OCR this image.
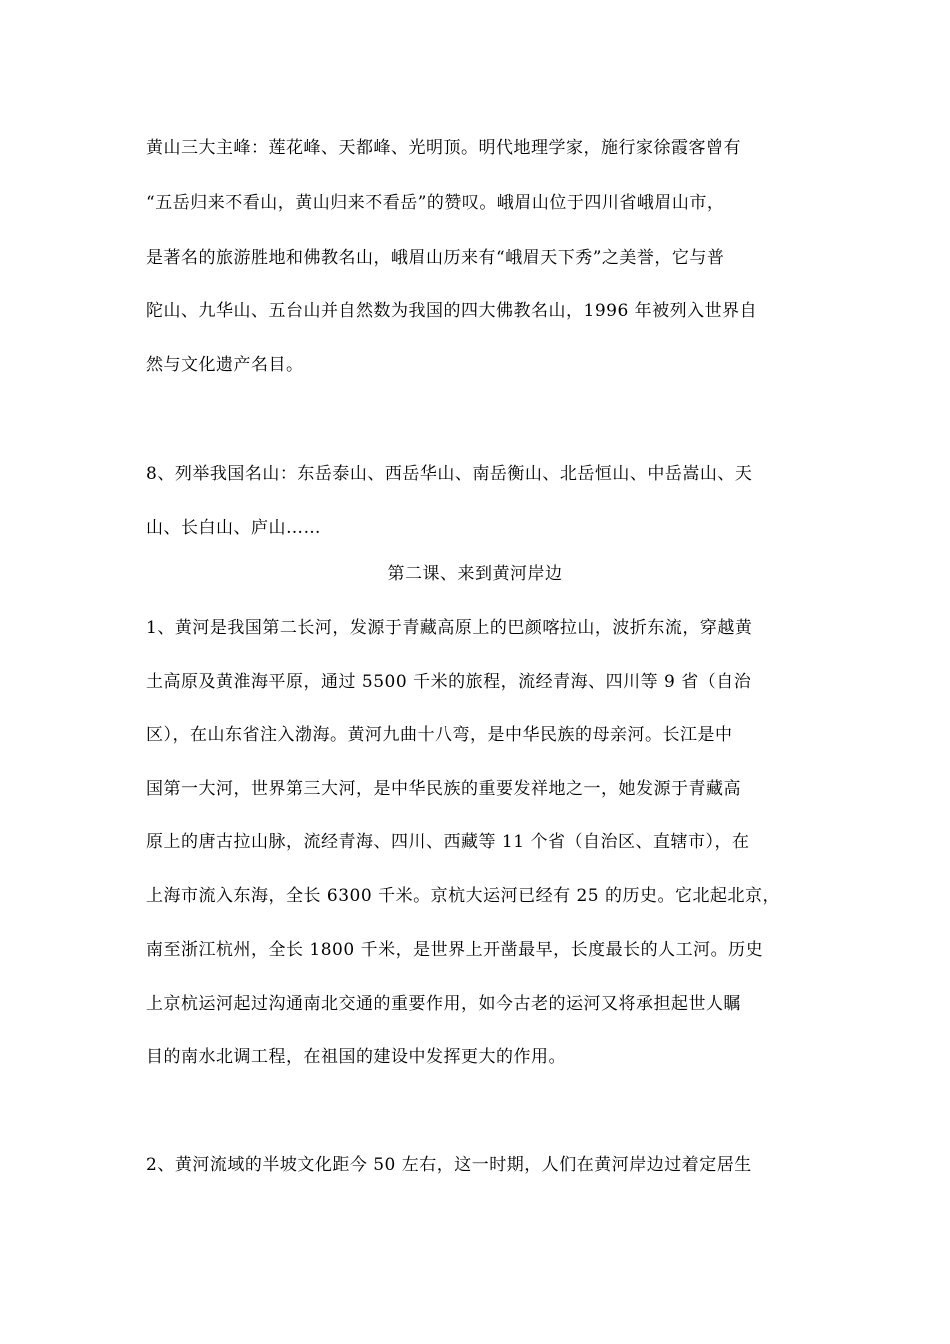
黄山三大主峰：莲花峰、天都峰、光明顶。明代地理学家，施行家徐霞客曾有
“五岳归来不看山，黄山归来不看岳”的赞叹。峨眉山位于四川省峨眉山市，
是著名的旅游胜地和佛教名山，峨眉山历来有“峨眉天下秀”之美誉，它与普
陀山、九华山、五台山并自然数为我国的四大佛教名山，1996 年被列入世界自
然与文化遗产名目。
8、列举我国名山：东岳泰山、西岳华山、南岳衡山、北岳恒山、中岳嵩山、天
山、长白山、庐山……
第二课、来到黄河岸边
1、黄河是我国第二长河，发源于青藏高原上的巴颜喀拉山，波折东流，穿越黄
土高原及黄淮海平原，通过 5500 千米的旅程，流经青海、四川等 9 省（自治
区），在山东省注入渤海。黄河九曲十八弯，是中华民族的母亲河。长江是中
国第一大河，世界第三大河，是中华民族的重要发祥地之一，她发源于青藏高
原上的唐古拉山脉，流经青海、四川、西藏等 11 个省（自治区、直辖市），在
上海市流入东海，全长 6300 千米。京杭大运河已经有 25 的历史。它北起北京，
南至浙江杭州，全长 1800 千米，是世界上开凿最早，长度最长的人工河。历史
上京杭运河起过沟通南北交通的重要作用，如今古老的运河又将承担起世人瞩
目的南水北调工程，在祖国的建设中发挥更大的作用。
2、黄河流域的半坡文化距今 50 左右，这一时期，人们在黄河岸边过着定居生
